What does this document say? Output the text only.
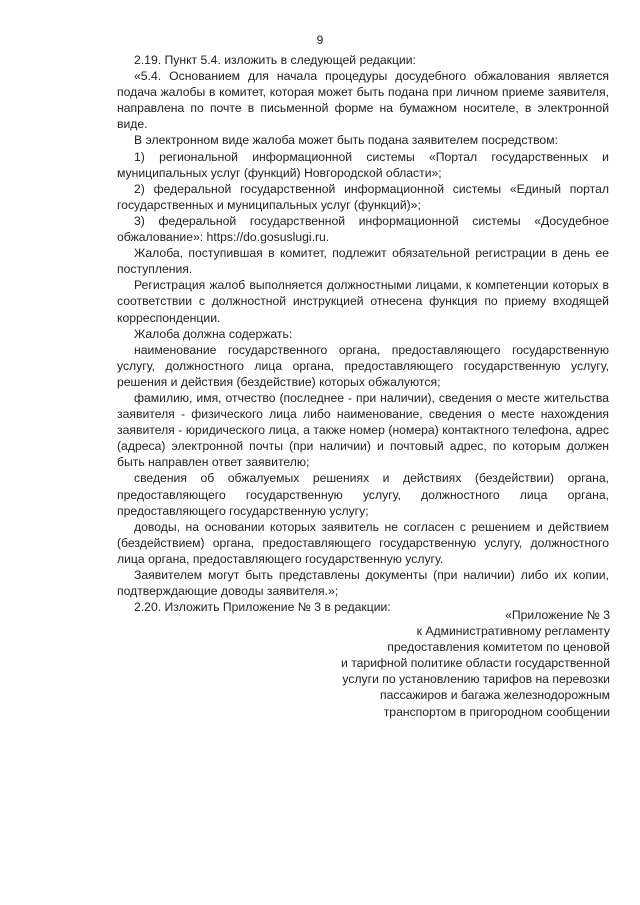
9

2.19. Пункт 5.4. изложить в следующей редакции:

«5.4. Основанием для начала процедуры досудебного обжалования является подача жалобы в комитет, которая может быть подана при личном приеме заявителя, направлена по почте в письменной форме на бумажном носителе, в электронной виде.

В электронном виде жалоба может быть подана заявителем посредством:

1) региональной информационной системы «Портал государственных и муниципальных услуг (функций) Новгородской области»;

2) федеральной государственной информационной системы «Единый портал государственных и муниципальных услуг (функций)»;

3) федеральной государственной информационной системы «Досудебное обжалование»: https://do.gosuslugi.ru.

Жалоба, поступившая в комитет, подлежит обязательной регистрации в день ее поступления.

Регистрация жалоб выполняется должностными лицами, к компетенции которых в соответствии с должностной инструкцией отнесена функция по приему входящей корреспонденции.

Жалоба должна содержать:

наименование государственного органа, предоставляющего государственную услугу, должностного лица органа, предоставляющего государственную услугу, решения и действия (бездействие) которых обжалуются;

фамилию, имя, отчество (последнее - при наличии), сведения о месте жительства заявителя - физического лица либо наименование, сведения о месте нахождения заявителя - юридического лица, а также номер (номера) контактного телефона, адрес (адреса) электронной почты (при наличии) и почтовый адрес, по которым должен быть направлен ответ заявителю;

сведения об обжалуемых решениях и действиях (бездействии) органа, предоставляющего государственную услугу, должностного лица органа, предоставляющего государственную услугу;

доводы, на основании которых заявитель не согласен с решением и действием (бездействием) органа, предоставляющего государственную услугу, должностного лица органа, предоставляющего государственную услугу.

Заявителем могут быть представлены документы (при наличии) либо их копии, подтверждающие доводы заявителя.»;

2.20. Изложить Приложение № 3 в редакции:

«Приложение № 3
к Административному регламенту
предоставления комитетом по ценовой
и тарифной политике области государственной
услуги по установлению тарифов на перевозки
пассажиров и багажа железнодорожным
транспортом в пригородном сообщении
